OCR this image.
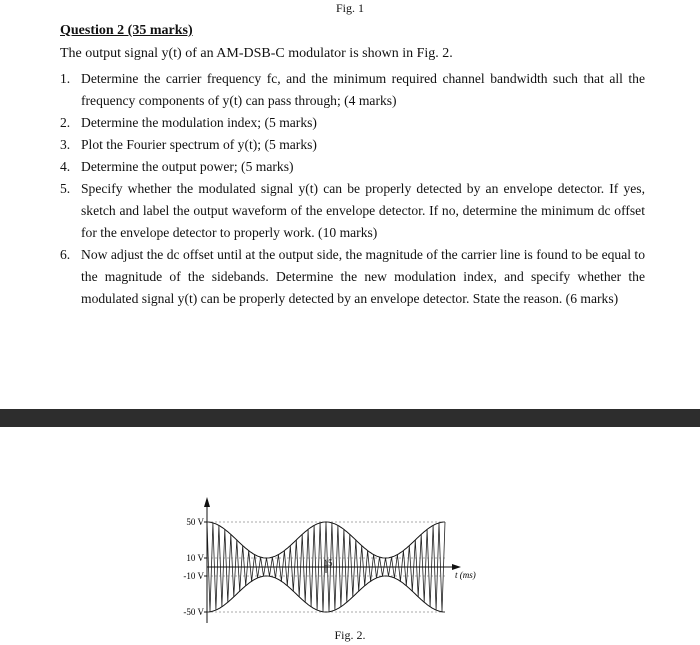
Fig. 1

Question 2 (35 marks)

The output signal y(t) of an AM-DSB-C modulator is shown in Fig. 2.

1. Determine the carrier frequency fc, and the minimum required channel bandwidth such that all the frequency components of y(t) can pass through; (4 marks)
2. Determine the modulation index; (5 marks)
3. Plot the Fourier spectrum of y(t); (5 marks)
4. Determine the output power; (5 marks)
5. Specify whether the modulated signal y(t) can be properly detected by an envelope detector. If yes, sketch and label the output waveform of the envelope detector. If no, determine the minimum dc offset for the envelope detector to properly work. (10 marks)
6. Now adjust the dc offset until at the output side, the magnitude of the carrier line is found to be equal to the magnitude of the sidebands. Determine the new modulation index, and specify whether the modulated signal y(t) can be properly detected by an envelope detector. State the reason. (6 marks)
50 V
10 V
-10 V
-50 V
15
t (ms)
Fig. 2.
